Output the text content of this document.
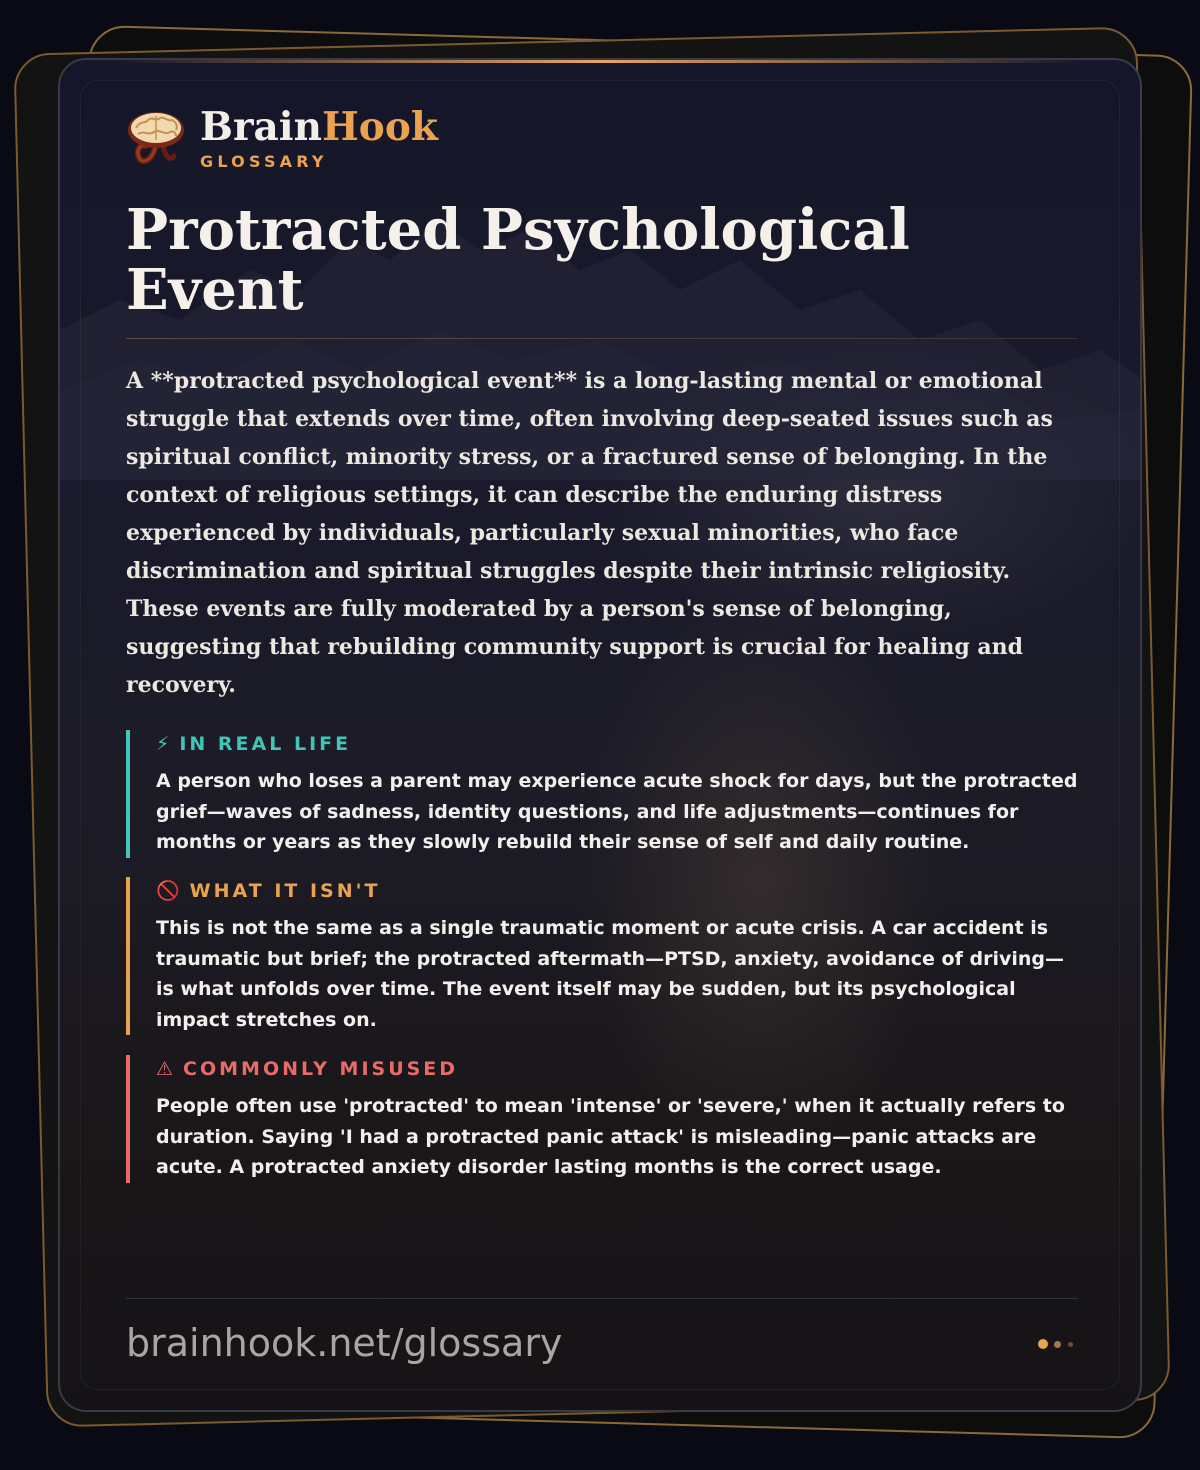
BrainHook
GLOSSARY
Protracted Psychological Event

A **protracted psychological event** is a long-lasting mental or emotional struggle that extends over time, often involving deep-seated issues such as spiritual conflict, minority stress, or a fractured sense of belonging. In the context of religious settings, it can describe the enduring distress experienced by individuals, particularly sexual minorities, who face discrimination and spiritual struggles despite their intrinsic religiosity. These events are fully moderated by a person's sense of belonging, suggesting that rebuilding community support is crucial for healing and recovery.

⚡ IN REAL LIFE
A person who loses a parent may experience acute shock for days, but the protracted grief—waves of sadness, identity questions, and life adjustments—continues for months or years as they slowly rebuild their sense of self and daily routine.
🚫 WHAT IT ISN'T
This is not the same as a single traumatic moment or acute crisis. A car accident is traumatic but brief; the protracted aftermath—PTSD, anxiety, avoidance of driving—is what unfolds over time. The event itself may be sudden, but its psychological impact stretches on.
⚠ COMMONLY MISUSED
People often use 'protracted' to mean 'intense' or 'severe,' when it actually refers to duration. Saying 'I had a protracted panic attack' is misleading—panic attacks are acute. A protracted anxiety disorder lasting months is the correct usage.
brainhook.net/glossary
